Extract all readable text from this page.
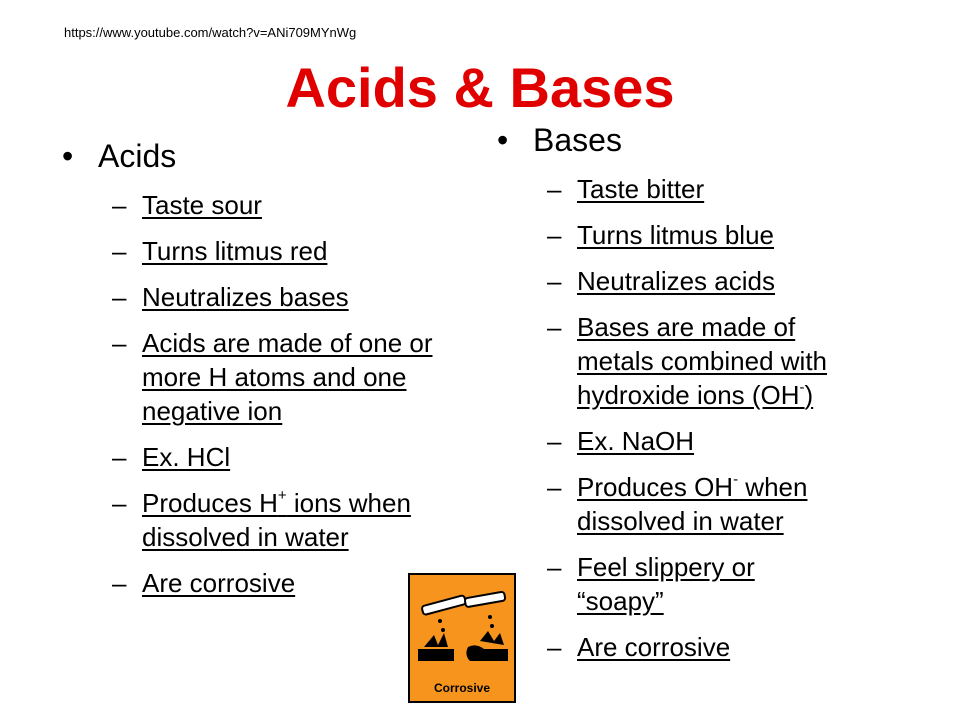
https://www.youtube.com/watch?v=ANi709MYnWg
Acids & Bases
• Acids
– Taste sour
– Turns litmus red
– Neutralizes bases
– Acids are made of one or more H atoms and one negative ion
– Ex. HCl
– Produces H+ ions when dissolved in water
– Are corrosive
• Bases
– Taste bitter
– Turns litmus blue
– Neutralizes acids
– Bases are made of metals combined with hydroxide ions (OH-)
– Ex. NaOH
– Produces OH- when dissolved in water
– Feel slippery or “soapy”
– Are corrosive
Corrosive
